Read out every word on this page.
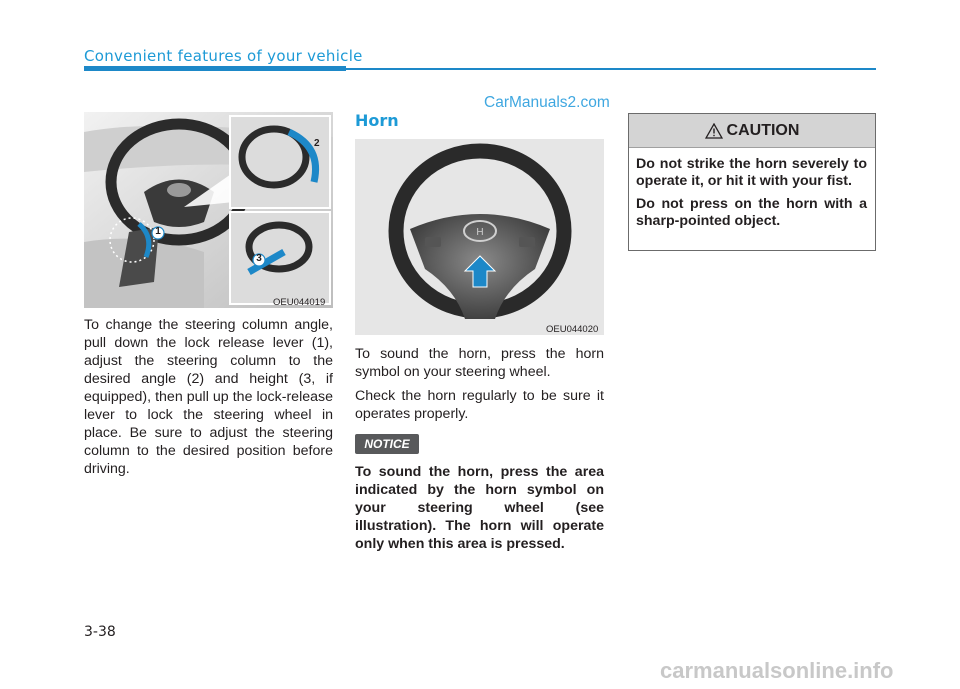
Convenient features of your vehicle
CarManuals2.com
1
2
3
OEU044019

To change the steering column angle, pull down the lock release lever (1), adjust the steering column to the desired angle (2) and height (3, if equipped), then pull up the lock-release lever to lock the steering wheel in place. Be sure to adjust the steering column to the desired position before driving.

Horn
H
OEU044020

To sound the horn, press the horn symbol on your steering wheel.

Check the horn regularly to be sure it operates properly.

NOTICE
To sound the horn, press the area indicated by the horn symbol on your steering wheel (see illustration). The horn will operate only when this area is pressed.
CAUTION

Do not strike the horn severely to operate it, or hit it with your fist.

Do not press on the horn with a sharp-pointed object.

3-38
carmanualsonline.info
